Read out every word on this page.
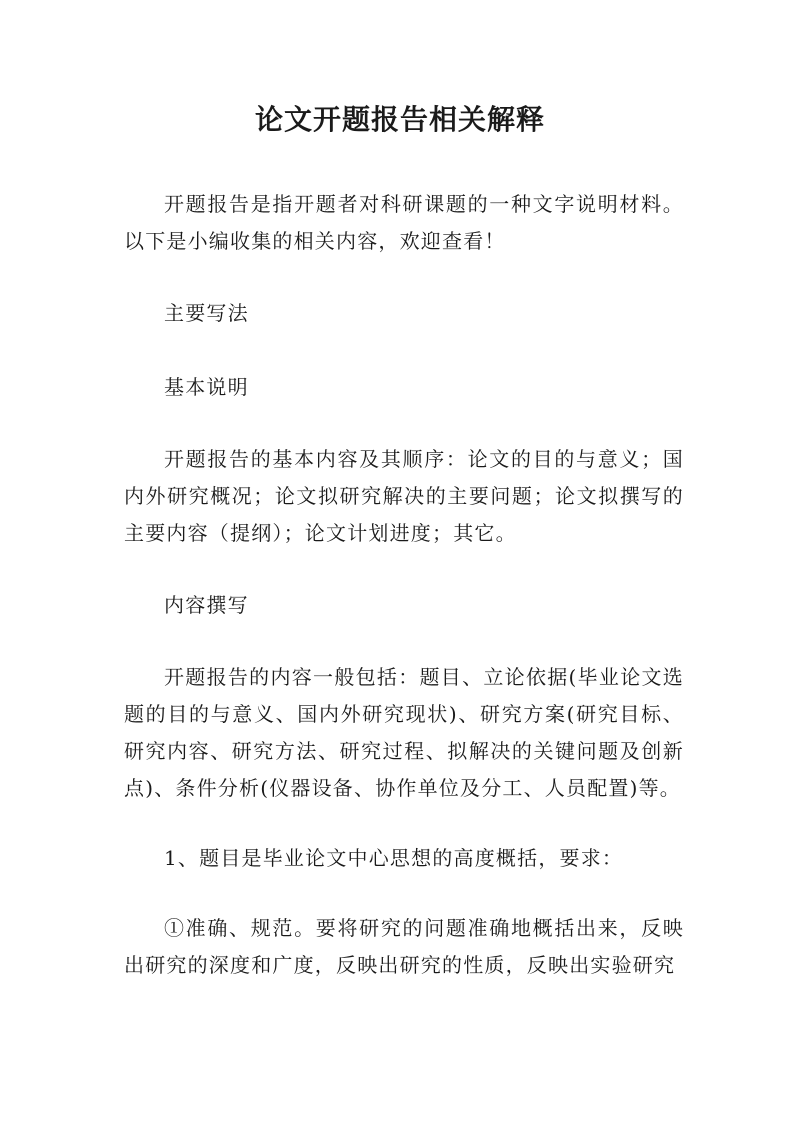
论文开题报告相关解释

开题报告是指开题者对科研课题的一种文字说明材料。以下是小编收集的相关内容，欢迎查看！

主要写法

基本说明

开题报告的基本内容及其顺序：论文的目的与意义；国内外研究概况；论文拟研究解决的主要问题；论文拟撰写的主要内容（提纲）；论文计划进度；其它。

内容撰写

开题报告的内容一般包括：题目、立论依据(毕业论文选题的目的与意义、国内外研究现状)、研究方案(研究目标、研究内容、研究方法、研究过程、拟解决的关键问题及创新点)、条件分析(仪器设备、协作单位及分工、人员配置)等。

1、题目是毕业论文中心思想的高度概括，要求：

①准确、规范。要将研究的问题准确地概括出来，反映出研究的深度和广度，反映出研究的性质，反映出实验研究
